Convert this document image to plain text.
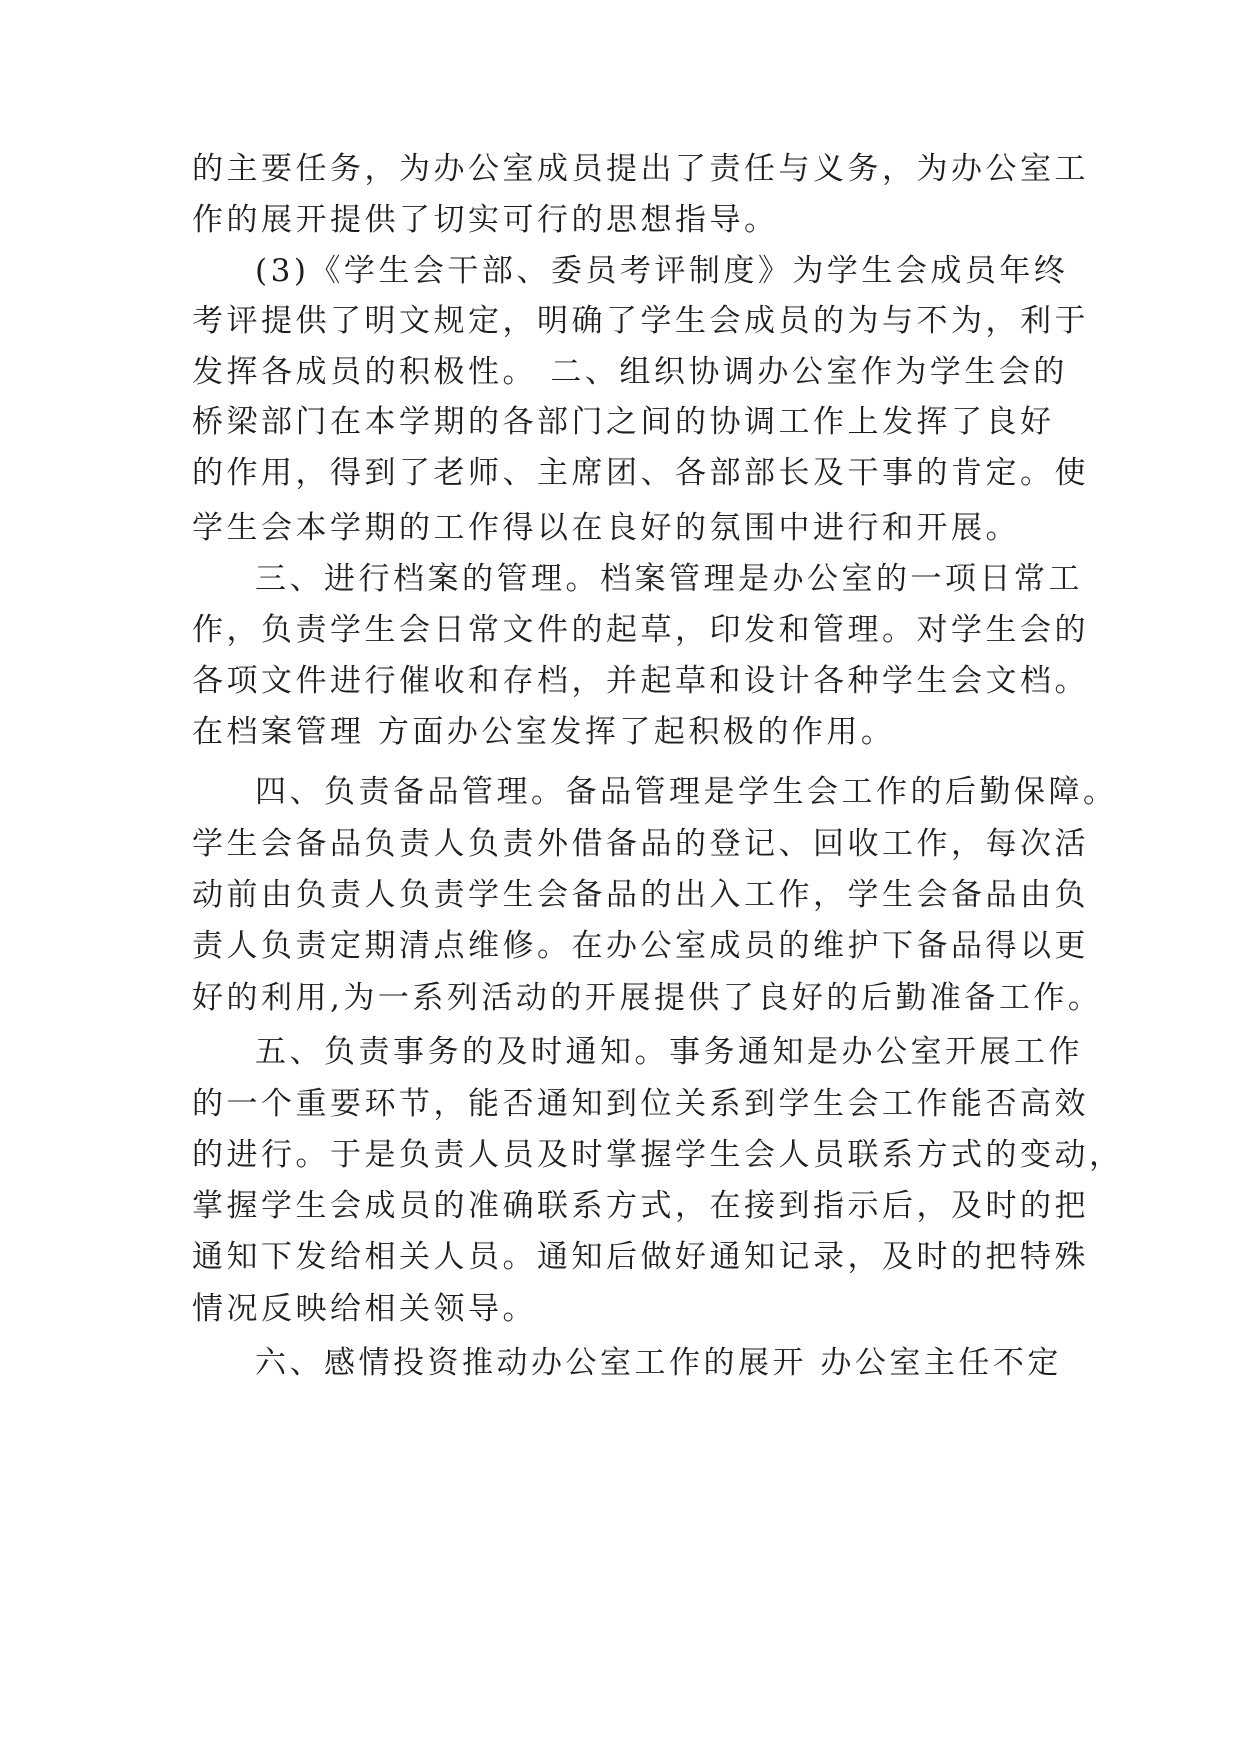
的主要任务，为办公室成员提出了责任与义务，为办公室工
作的展开提供了切实可行的思想指导。
(3)《学生会干部、委员考评制度》为学生会成员年终
考评提供了明文规定，明确了学生会成员的为与不为，利于
发挥各成员的积极性。 二、组织协调办公室作为学生会的
桥梁部门在本学期的各部门之间的协调工作上发挥了良好
的作用，得到了老师、主席团、各部部长及干事的肯定。使
学生会本学期的工作得以在良好的氛围中进行和开展。
三、进行档案的管理。档案管理是办公室的一项日常工
作，负责学生会日常文件的起草，印发和管理。对学生会的
各项文件进行催收和存档，并起草和设计各种学生会文档。
在档案管理 方面办公室发挥了起积极的作用。
四、负责备品管理。备品管理是学生会工作的后勤保障。
学生会备品负责人负责外借备品的登记、回收工作，每次活
动前由负责人负责学生会备品的出入工作，学生会备品由负
责人负责定期清点维修。在办公室成员的维护下备品得以更
好的利用,为一系列活动的开展提供了良好的后勤准备工作。
五、负责事务的及时通知。事务通知是办公室开展工作
的一个重要环节，能否通知到位关系到学生会工作能否高效
的进行。于是负责人员及时掌握学生会人员联系方式的变动，
掌握学生会成员的准确联系方式，在接到指示后，及时的把
通知下发给相关人员。通知后做好通知记录，及时的把特殊
情况反映给相关领导。
六、感情投资推动办公室工作的展开 办公室主任不定
